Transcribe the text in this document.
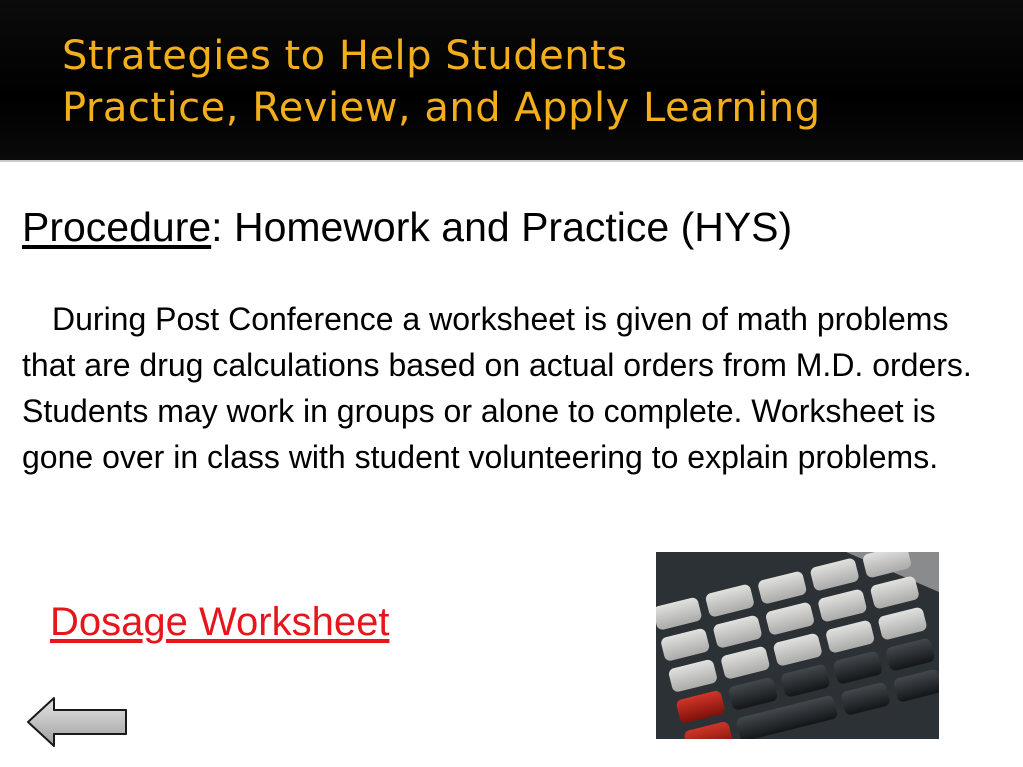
Strategies to Help Students
Practice, Review, and Apply Learning
Procedure: Homework and Practice (HYS)
During Post Conference a worksheet is given of math problems that are drug calculations based on actual orders from M.D. orders. Students may work in groups or alone to complete. Worksheet is gone over in class with student volunteering to explain problems.
Dosage Worksheet
